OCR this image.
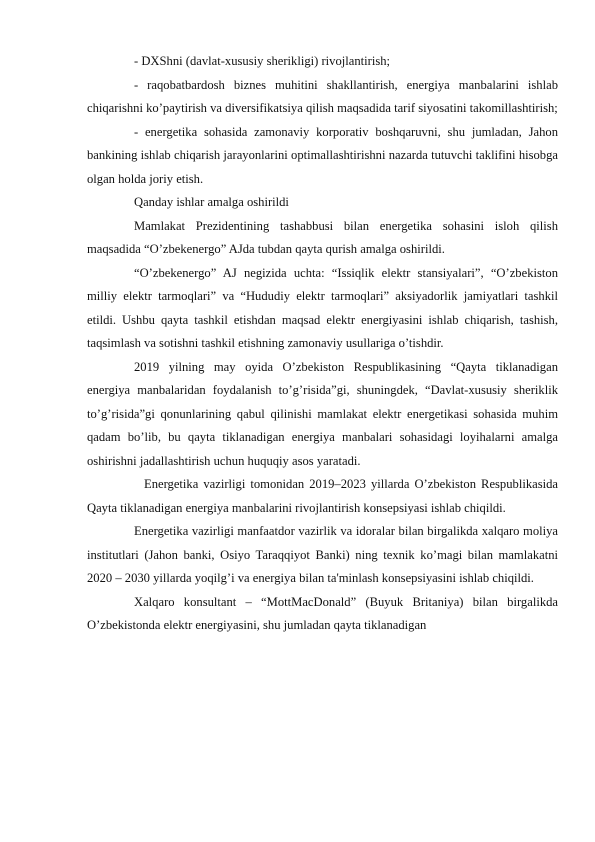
- DXShni (davlat-xususiy sherikligi) rivojlantirish;

- raqobatbardosh biznes muhitini shakllantirish, energiya manbalarini ishlab chiqarishni ko’paytirish va diversifikatsiya qilish maqsadida tarif siyosatini takomillashtirish;

- energetika sohasida zamonaviy korporativ boshqaruvni, shu jumladan, Jahon bankining ishlab chiqarish jarayonlarini optimallashtirishni nazarda tutuvchi taklifini hisobga olgan holda joriy etish.

Qanday ishlar amalga oshirildi

Mamlakat Prezidentining tashabbusi bilan energetika sohasini isloh qilish maqsadida “O’zbekenergo” AJda tubdan qayta qurish amalga oshirildi.

“O’zbekenergo” AJ negizida uchta: “Issiqlik elektr stansiyalari”, “O’zbekiston milliy elektr tarmoqlari” va “Hududiy elektr tarmoqlari” aksiyadorlik jamiyatlari tashkil etildi. Ushbu qayta tashkil etishdan maqsad elektr energiyasini ishlab chiqarish, tashish, taqsimlash va sotishni tashkil etishning zamonaviy usullariga o’tishdir.

2019 yilning may oyida O’zbekiston Respublikasining “Qayta tiklanadigan energiya manbalaridan foydalanish to’g’risida”gi, shuningdek, “Davlat-xususiy sheriklik to’g’risida”gi qonunlarining qabul qilinishi mamlakat elektr energetikasi sohasida muhim qadam bo’lib, bu qayta tiklanadigan energiya manbalari sohasidagi loyihalarni amalga oshirishni jadallashtirish uchun huquqiy asos yaratadi.

Energetika vazirligi tomonidan 2019–2023 yillarda O’zbekiston Respublikasida Qayta tiklanadigan energiya manbalarini rivojlantirish konsepsiyasi ishlab chiqildi.

Energetika vazirligi manfaatdor vazirlik va idoralar bilan birgalikda xalqaro moliya institutlari (Jahon banki, Osiyo Taraqqiyot Banki) ning texnik ko’magi bilan mamlakatni 2020 – 2030 yillarda yoqilg’i va energiya bilan ta'minlash konsepsiyasini ishlab chiqildi.

Xalqaro konsultant – “MottMacDonald” (Buyuk Britaniya) bilan birgalikda O’zbekistonda elektr energiyasini, shu jumladan qayta tiklanadigan
